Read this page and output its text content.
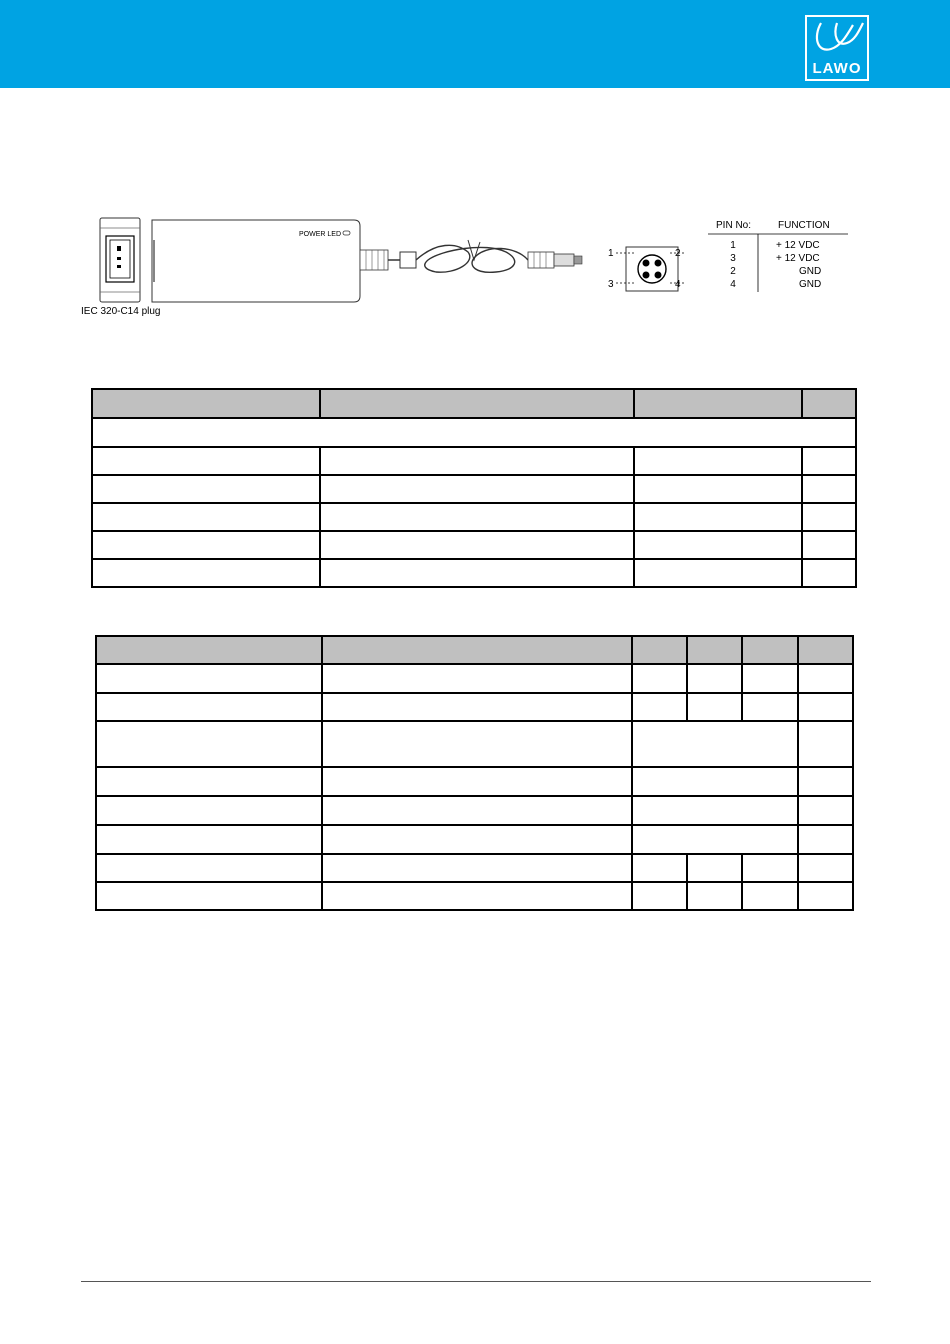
LAWO
POWER LED
1	2
3	4
PIN No:	FUNCTION
1	+ 12 VDC
3	+ 12 VDC
2	GND
4	GND
IEC 320-C14 plug
